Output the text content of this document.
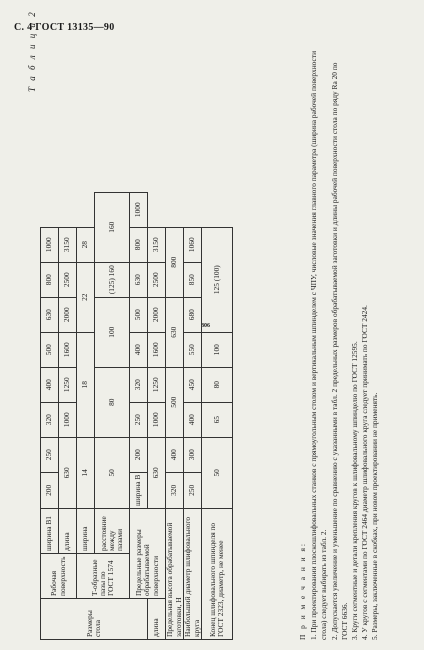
С. 4 ГОСТ 13135—90
806
Т а б л и ц а 2
Размеры стола	Рабочая поверхность	ширина B1	200	250	320	400	500	630	800	1000	
		длина	630		1000	1250	1600	2000	2500	3150	
	Т-образные пазы по ГОСТ 1574	ширина	14		18			22		28	
		расстояние между пазами	50		80		100		(125) 160	160	
	Предельные размеры обрабатываемой поверхности		ширина B	200	250	320	400	500	630	800	1000
длина			630		1000	1250	1600	2000	2500	3150	
Предельная высота обрабатываемой заготовки, H			320	400	500		630		800		
Наибольший диаметр шлифовального круга			250	300	400	450	550	680	850	1060	
Конец шлифовального шпинделя по ГОСТ 2323, диаметр, не менее			50		65	80	100	125 (100)			
П р и м е ч а н и я: 1. При проектировании плоскошлифовальных станков с прямоугольным столом и вертикальным шпинделем с ЧПУ, числовые значения главного параметра (ширина рабочей поверхности стола) следует выбирать из табл. 2. 2. Допускается увеличение и уменьшение по сравнению с указанными в табл. 2 предельных размеров обрабатываемой заготовки и длины рабочей поверхности стола по ряду Ra 20 по ГОСТ 6636. 3. Круги сегментные и детали крепления кругов к шлифовальному шпинделю по ГОСТ 12595. 4. У кругов с сегментами по ГОСТ 2464 диаметр шлифовального круга следует принимать по ГОСТ 2424. 5. Размеры, заключенные в скобках, при новом проектировании не применять.
